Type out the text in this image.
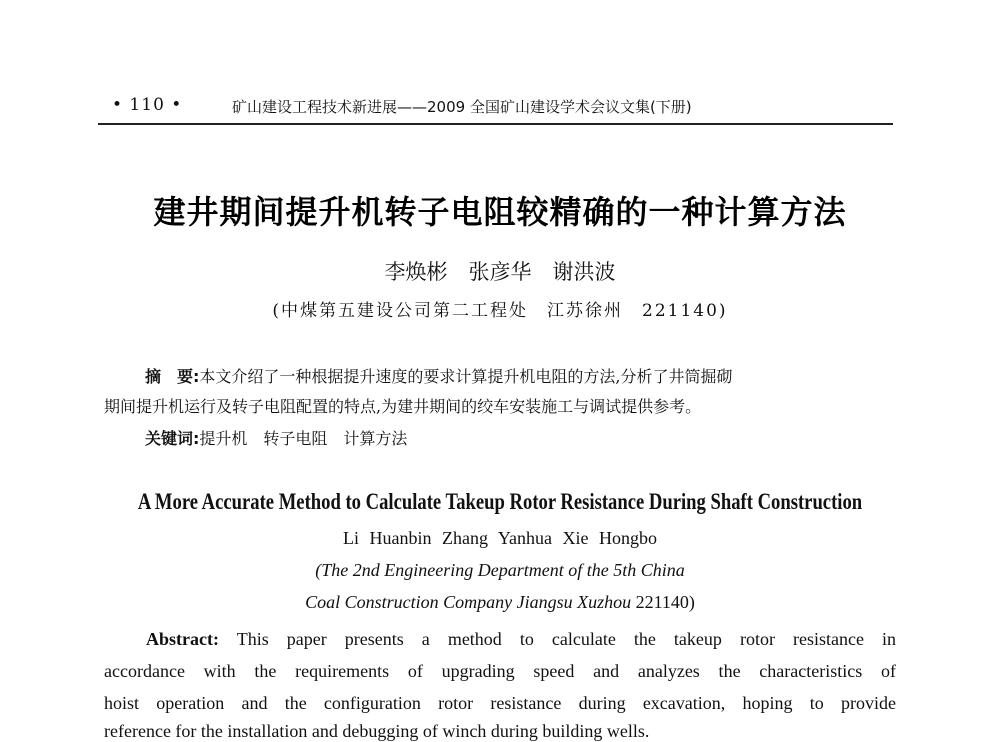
• 110 •	矿山建设工程技术新进展——2009 全国矿山建设学术会议文集(下册)
建井期间提升机转子电阻较精确的一种计算方法
李焕彬　张彦华　谢洪波
(中煤第五建设公司第二工程处　江苏徐州　221140)
摘　要:本文介绍了一种根据提升速度的要求计算提升机电阻的方法,分析了井筒掘砌
期间提升机运行及转子电阻配置的特点,为建井期间的绞车安装施工与调试提供参考。
关键词:提升机　转子电阻　计算方法
A More Accurate Method to Calculate Takeup Rotor Resistance During Shaft Construction
Li Huanbin Zhang Yanhua Xie Hongbo
(The 2nd Engineering Department of the 5th China
Coal Construction Company Jiangsu Xuzhou 221140)
Abstract: This paper presents a method to calculate the takeup rotor resistance in
accordance with the requirements of upgrading speed and analyzes the characteristics of
hoist operation and the configuration rotor resistance during excavation, hoping to provide
reference for the installation and debugging of winch during building wells.
